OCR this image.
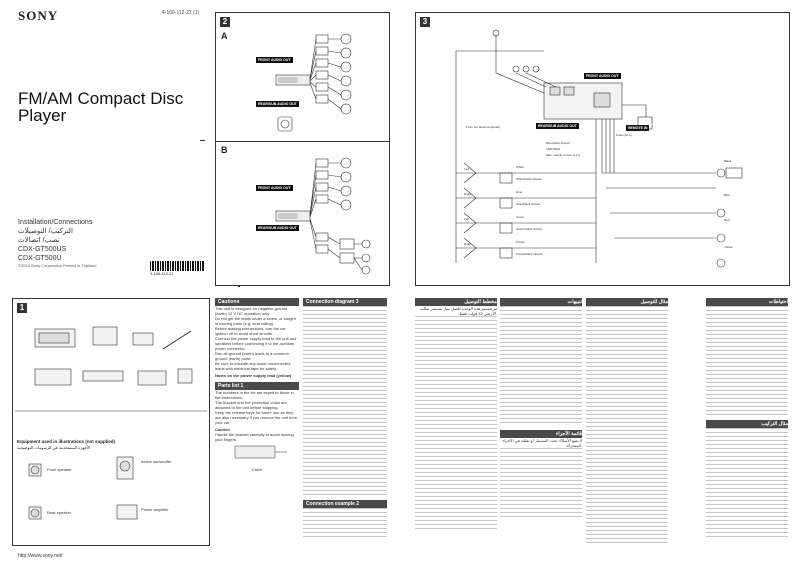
SONY	4-166-112-21 (1)
FM/AM Compact Disc Player
Installation/Connections
التركيب/ التوصيلات
نصب/ اتصالات
CDX-GT500US
CDX-GT500U
©2010 Sony Corporation Printed in Thailand
4-166-112-21
2
A
B
FRONT AUDIO OUT
REAR/SUB AUDIO OUT
FRONT AUDIO OUT
REAR/SUB AUDIO OUT
3
FRONT AUDIO OUT
REAR/SUB AUDIO OUT	REMOTE IN
From car antenna (aerial)
Fuse (10 A)
Blue/white striped
AMP REM
Max. supply current 0.1 A
White
White/black striped
Gray
Gray/black striped
Green
Green/black striped
Purple
Purple/black striped
Left
Right
Left
Right
Black
Blue
Red
Yellow
1
Equipment used in illustrations (not supplied)
الأجهزة المستخدمة في الرسومات التوضيحية
Front speaker
Active subwoofer
Rear speaker
Power amplifier
http://www.sony.net/
Cautions
This unit is designed for negative ground (earth) 12 V DC operation only.
Do not get the leads under a screw, or caught in moving parts (e.g. seat railing).
Before making connections, turn the car ignition off to avoid short circuits.
Connect the power supply lead to the unit and speakers before connecting it to the auxiliary power connector.
Run all ground (earth) leads to a common ground (earth) point.
Be sure to insulate any loose unconnected leads with electrical tape for safety.
Notes on the power supply lead (yellow)
Parts list 1
The numbers in the list are keyed to those in the instructions.
The bracket and the protection collar are attached to the unit before shipping.
Keep the release keys for future use as they are also necessary if you remove the unit from your car.
Caution
Handle the bracket carefully to avoid injuring your fingers.
Catch
Connection diagram 3
Connection example 2
مخطط التوصيل
تم تصميم هذه الوحدة للعمل بتيار مستمر سالب الأرضي 12 فولت فقط.
تنبيهات
قائمة الأجزاء
لا تضع الأسلاك تحت المسمار أو تعلقه في الأجزاء المتحركة.
مثال للتوصيل	احتياطات
مثال التركيب
